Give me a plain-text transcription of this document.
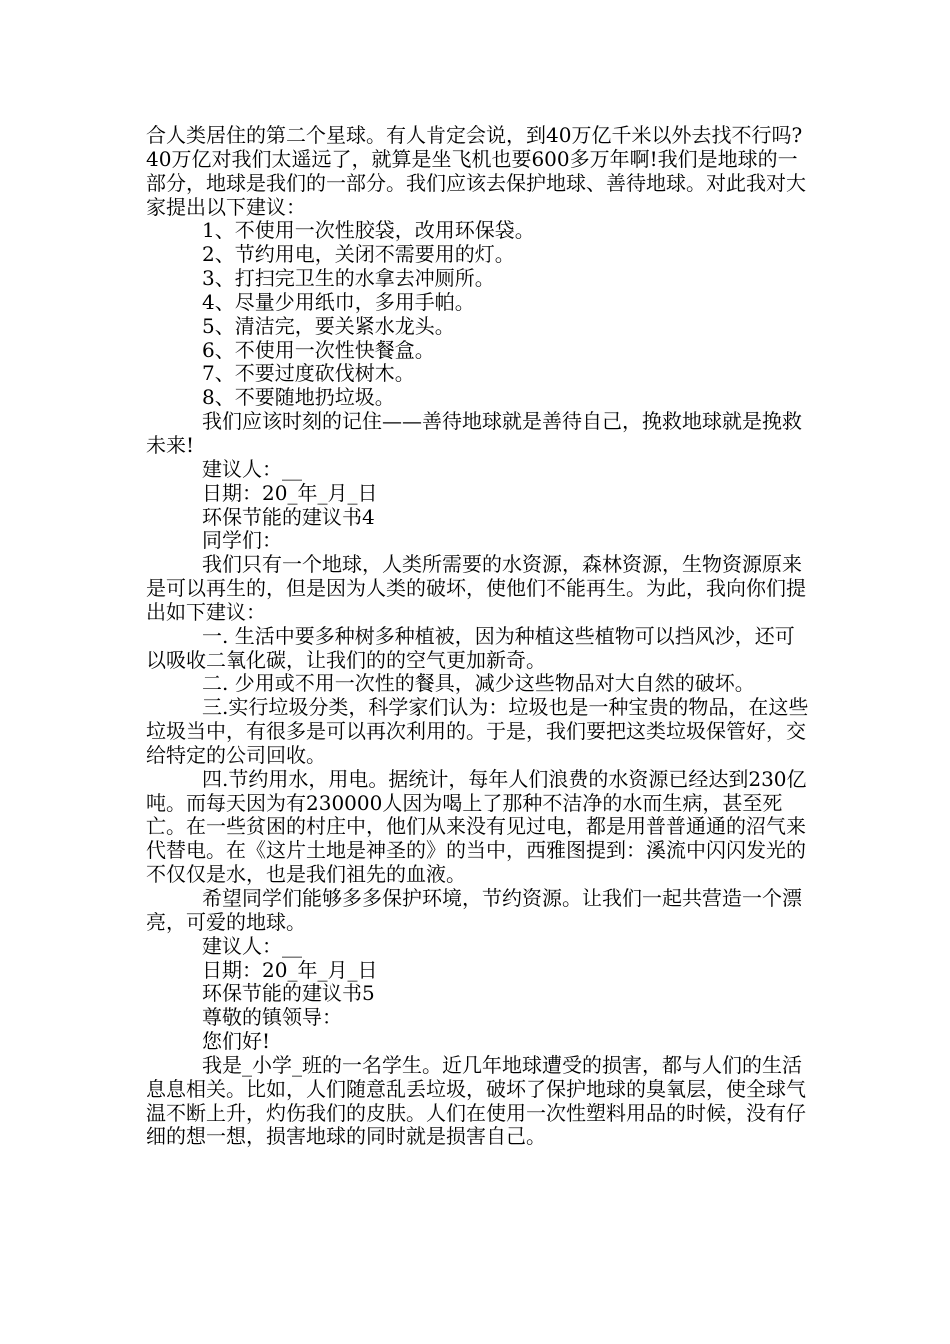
合人类居住的第二个星球。有人肯定会说，到40万亿千米以外去找不行吗?40万亿对我们太遥远了，就算是坐飞机也要600多万年啊!我们是地球的一部分，地球是我们的一部分。我们应该去保护地球、善待地球。对此我对大家提出以下建议：

1、不使用一次性胶袋，改用环保袋。

2、节约用电，关闭不需要用的灯。

3、打扫完卫生的水拿去冲厕所。

4、尽量少用纸巾，多用手帕。

5、清洁完，要关紧水龙头。

6、不使用一次性快餐盒。

7、不要过度砍伐树木。

8、不要随地扔垃圾。

我们应该时刻的记住——善待地球就是善待自己，挽救地球就是挽救未来!

建议人：__

日期：20_年_月_日

环保节能的建议书4

同学们：

我们只有一个地球，人类所需要的水资源，森林资源，生物资源原来是可以再生的，但是因为人类的破坏，使他们不能再生。为此，我向你们提出如下建议：

一. 生活中要多种树多种植被，因为种植这些植物可以挡风沙，还可以吸收二氧化碳，让我们的的空气更加新奇。

二. 少用或不用一次性的餐具，减少这些物品对大自然的破坏。

三.实行垃圾分类，科学家们认为：垃圾也是一种宝贵的物品，在这些垃圾当中，有很多是可以再次利用的。于是，我们要把这类垃圾保管好，交给特定的公司回收。

四.节约用水，用电。据统计，每年人们浪费的水资源已经达到230亿吨。而每天因为有230000人因为喝上了那种不洁净的水而生病，甚至死亡。在一些贫困的村庄中，他们从来没有见过电，都是用普普通通的沼气来代替电。在《这片土地是神圣的》的当中，西雅图提到：溪流中闪闪发光的不仅仅是水，也是我们祖先的血液。

希望同学们能够多多保护环境，节约资源。让我们一起共营造一个漂亮，可爱的地球。

建议人：__

日期：20_年_月_日

环保节能的建议书5

尊敬的镇领导：

您们好!

我是_小学_班的一名学生。近几年地球遭受的损害，都与人们的生活息息相关。比如，人们随意乱丢垃圾，破坏了保护地球的臭氧层，使全球气温不断上升，灼伤我们的皮肤。人们在使用一次性塑料用品的时候，没有仔细的想一想，损害地球的同时就是损害自己。
